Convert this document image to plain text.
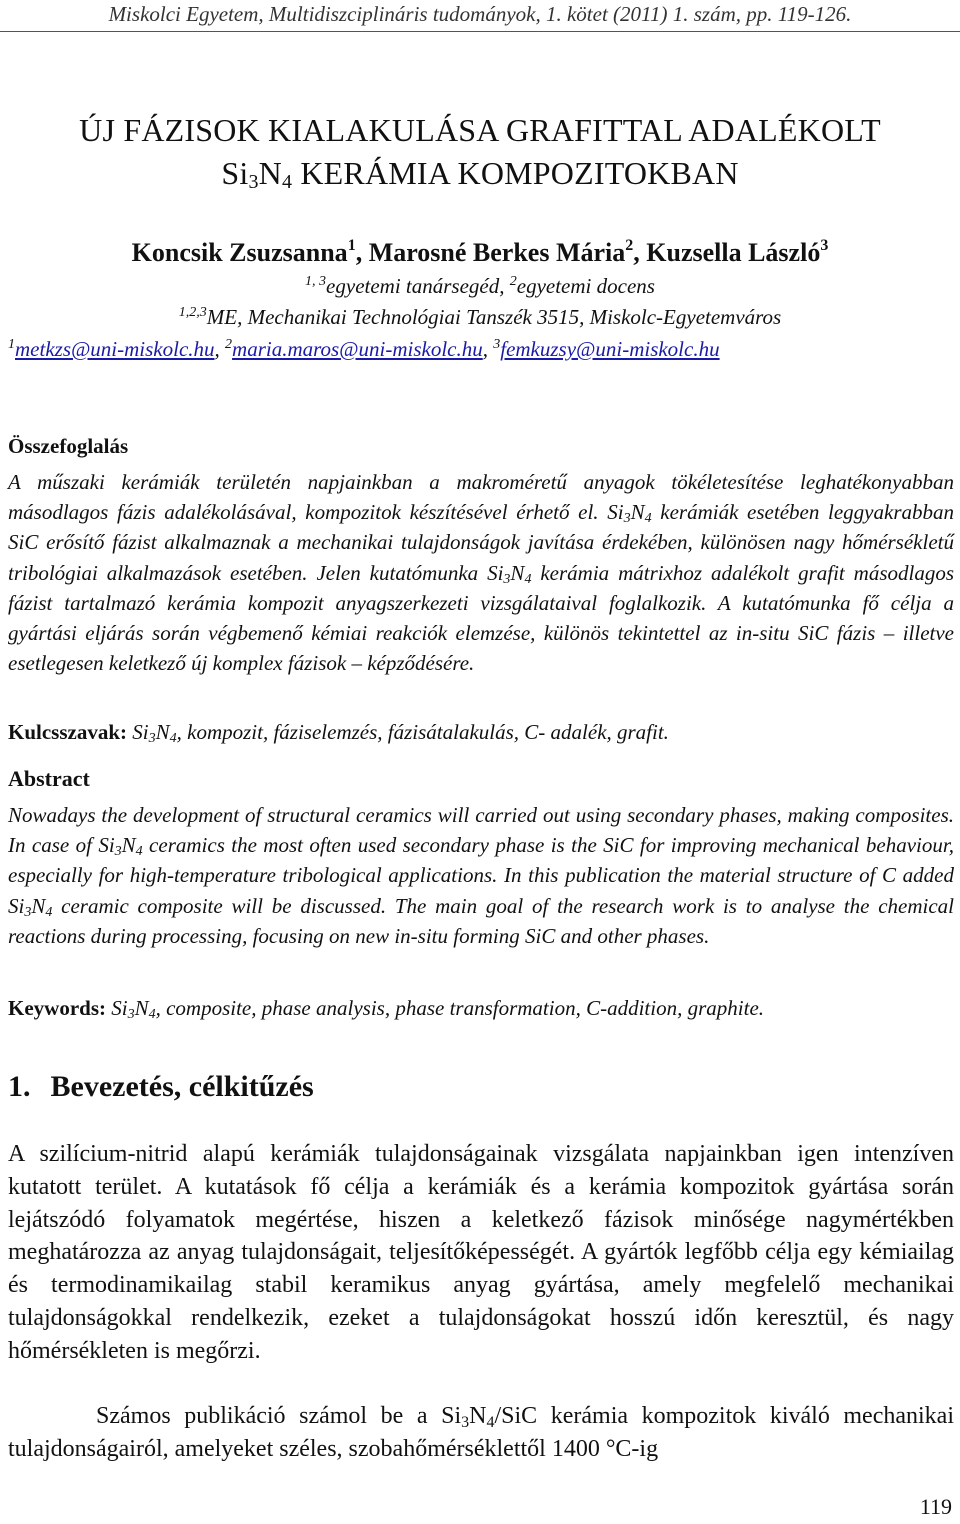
Miskolci Egyetem, Multidiszciplináris tudományok, 1. kötet (2011) 1. szám, pp. 119-126.
ÚJ FÁZISOK KIALAKULÁSA GRAFITTAL ADALÉKOLT
$Si_3N_4$ KERÁMIA KOMPOZITOKBAN
Koncsik Zsuzsanna$^1$, Marosné Berkes Mária$^2$, Kuzsella László$^3$
$^{1, 3}$egyetemi tanársegéd, $^2$egyetemi docens
$^{1,2,3}$ME, Mechanikai Technológiai Tanszék 3515, Miskolc-Egyetemváros
$^1$metkzs@uni-miskolc.hu, $^2$maria.maros@uni-miskolc.hu, $^3$femkuzsy@uni-miskolc.hu
Összefoglalás

A műszaki kerámiák területén napjainkban a makroméretű anyagok tökéletesítése leghatékonyabban másodlagos fázis adalékolásával, kompozitok készítésével érhető el. $Si_3N_4$ kerámiák esetében leggyakrabban SiC erősítő fázist alkalmaznak a mechanikai tulajdonságok javítása érdekében, különösen nagy hőmérsékletű tribológiai alkalmazások esetében. Jelen kutatómunka $Si_3N_4$ kerámia mátrixhoz adalékolt grafit másodlagos fázist tartalmazó kerámia kompozit anyagszerkezeti vizsgálataival foglalkozik. A kutatómunka fő célja a gyártási eljárás során végbemenő kémiai reakciók elemzése, különös tekintettel az in-situ SiC fázis – illetve esetlegesen keletkező új komplex fázisok – képződésére.

Kulcsszavak: $Si_3N_4$, kompozit, fáziselemzés, fázisátalakulás, C- adalék, grafit.
Abstract

Nowadays the development of structural ceramics will carried out using secondary phases, making composites. In case of $Si_3N_4$ ceramics the most often used secondary phase is the SiC for improving mechanical behaviour, especially for high-temperature tribological applications. In this publication the material structure of C added $Si_3N_4$ ceramic composite will be discussed. The main goal of the research work is to analyse the chemical reactions during processing, focusing on new in-situ forming SiC and other phases.

Keywords: $Si_3N_4$, composite, phase analysis, phase transformation, C-addition, graphite.
1. Bevezetés, célkitűzés

A szilícium-nitrid alapú kerámiák tulajdonságainak vizsgálata napjainkban igen intenzíven kutatott terület. A kutatások fő célja a kerámiák és a kerámia kompozitok gyártása során lejátszódó folyamatok megértése, hiszen a keletkező fázisok minősége nagymértékben meghatározza az anyag tulajdonságait, teljesítőképességét. A gyártók legfőbb célja egy kémiailag és termodinamikailag stabil keramikus anyag gyártása, amely megfelelő mechanikai tulajdonságokkal rendelkezik, ezeket a tulajdonságokat hosszú időn keresztül, és nagy hőmérsékleten is megőrzi.

Számos publikáció számol be a $Si_3N_4$/SiC kerámia kompozitok kiváló mechanikai tulajdonságairól, amelyeket széles, szobahőmérséklettől 1400 °C-ig

119
